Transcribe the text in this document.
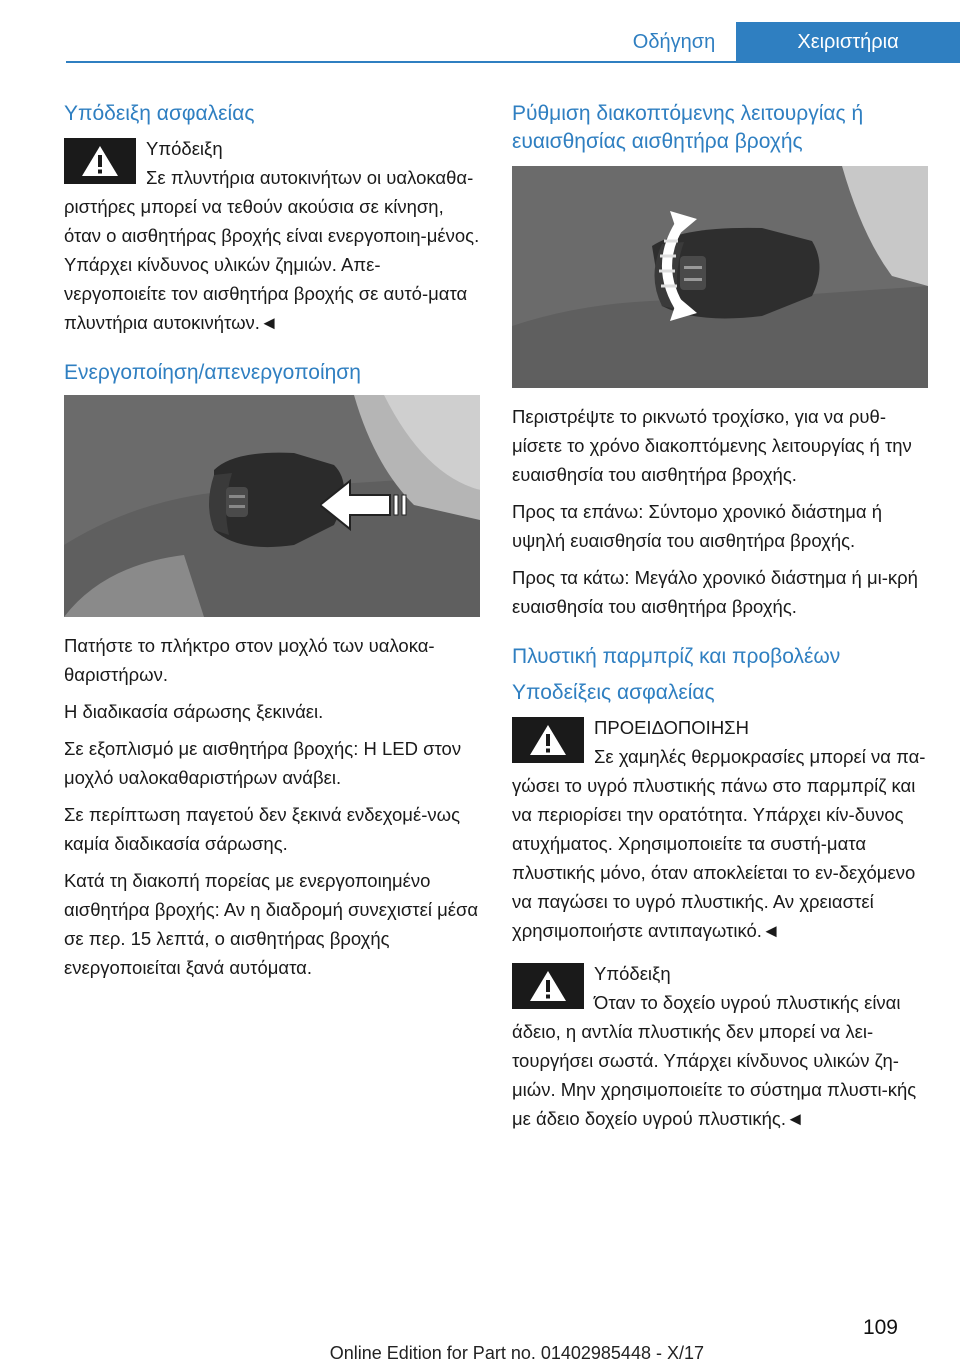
Οδήγηση	Χειριστήρια
Υπόδειξη ασφαλείας
Υπόδειξη
Σε πλυντήρια αυτοκινήτων οι υαλοκαθα-ριστήρες μπορεί να τεθούν ακούσια σε κίνηση, όταν ο αισθητήρας βροχής είναι ενεργοποιη-μένος. Υπάρχει κίνδυνος υλικών ζημιών. Απε-νεργοποιείτε τον αισθητήρα βροχής σε αυτό-ματα πλυντήρια αυτοκινήτων.◄
Ενεργοποίηση/απενεργοποίηση

Πατήστε το πλήκτρο στον μοχλό των υαλοκα-θαριστήρων.

Η διαδικασία σάρωσης ξεκινάει.

Σε εξοπλισμό με αισθητήρα βροχής: Η LED στον μοχλό υαλοκαθαριστήρων ανάβει.

Σε περίπτωση παγετού δεν ξεκινά ενδεχομέ-νως καμία διαδικασία σάρωσης.

Κατά τη διακοπή πορείας με ενεργοποιημένο αισθητήρα βροχής: Αν η διαδρομή συνεχιστεί μέσα σε περ. 15 λεπτά, ο αισθητήρας βροχής ενεργοποιείται ξανά αυτόματα.

Ρύθμιση διακοπτόμενης λειτουργίας ή ευαισθησίας αισθητήρα βροχής

Περιστρέψτε το ρικνωτό τροχίσκο, για να ρυθ-μίσετε το χρόνο διακοπτόμενης λειτουργίας ή την ευαισθησία του αισθητήρα βροχής.

Προς τα επάνω: Σύντομο χρονικό διάστημα ή υψηλή ευαισθησία του αισθητήρα βροχής.

Προς τα κάτω: Μεγάλο χρονικό διάστημα ή μι-κρή ευαισθησία του αισθητήρα βροχής.

Πλυστική παρμπρίζ και προβολέων
Υποδείξεις ασφαλείας
ΠΡΟΕΙΔΟΠΟΙΗΣΗ
Σε χαμηλές θερμοκρασίες μπορεί να πα-γώσει το υγρό πλυστικής πάνω στο παρμπρίζ και να περιορίσει την ορατότητα. Υπάρχει κίν-δυνος ατυχήματος. Χρησιμοποιείτε τα συστή-ματα πλυστικής μόνο, όταν αποκλείεται το εν-δεχόμενο να παγώσει το υγρό πλυστικής. Αν χρειαστεί χρησιμοποιήστε αντιπαγωτικό.◄
Υπόδειξη
Όταν το δοχείο υγρού πλυστικής είναι άδειο, η αντλία πλυστικής δεν μπορεί να λει-τουργήσει σωστά. Υπάρχει κίνδυνος υλικών ζη-μιών. Μην χρησιμοποιείτε το σύστημα πλυστι-κής με άδειο δοχείο υγρού πλυστικής.◄
109
Online Edition for Part no. 01402985448 - X/17
